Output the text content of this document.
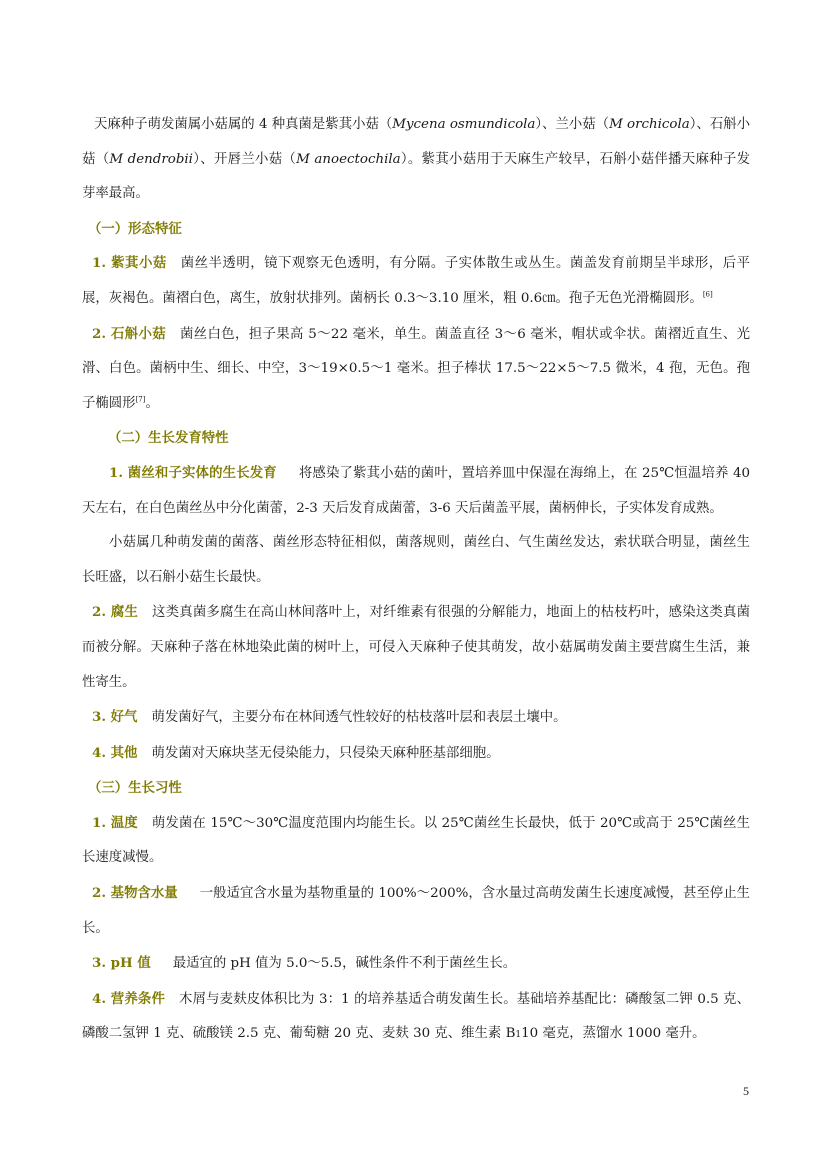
天麻种子萌发菌属小菇属的 4 种真菌是紫萁小菇（Mycena osmundicola）、兰小菇（M orchicola）、石斛小菇（M dendrobii）、开唇兰小菇（M anoectochila）。紫萁小菇用于天麻生产较早，石斛小菇伴播天麻种子发芽率最高。

（一）形态特征

1. 紫萁小菇 菌丝半透明，镜下观察无色透明，有分隔。子实体散生或丛生。菌盖发育前期呈半球形，后平展，灰褐色。菌褶白色，离生，放射状排列。菌柄长 0.3～3.10 厘米，粗 0.6㎝。孢子无色光滑椭圆形。[6]

2. 石斛小菇 菌丝白色，担子果高 5～22 毫米，单生。菌盖直径 3～6 毫米，帽状或伞状。菌褶近直生、光滑、白色。菌柄中生、细长、中空，3～19×0.5～1 毫米。担子棒状 17.5～22×5～7.5 微米，4 孢，无色。孢子椭圆形[7]。

（二）生长发育特性

1. 菌丝和子实体的生长发育 将感染了紫萁小菇的菌叶，置培养皿中保湿在海绵上，在 25℃恒温培养 40 天左右，在白色菌丝丛中分化菌蕾，2-3 天后发育成菌蕾，3-6 天后菌盖平展，菌柄伸长，子实体发育成熟。

小菇属几种萌发菌的菌落、菌丝形态特征相似，菌落规则，菌丝白、气生菌丝发达，索状联合明显，菌丝生长旺盛，以石斛小菇生长最快。

2. 腐生 这类真菌多腐生在高山林间落叶上，对纤维素有很强的分解能力，地面上的枯枝朽叶，感染这类真菌而被分解。天麻种子落在林地染此菌的树叶上，可侵入天麻种子使其萌发，故小菇属萌发菌主要营腐生生活，兼性寄生。

3. 好气 萌发菌好气，主要分布在林间透气性较好的枯枝落叶层和表层土壤中。

4. 其他 萌发菌对天麻块茎无侵染能力，只侵染天麻种胚基部细胞。

（三）生长习性

1. 温度 萌发菌在 15℃～30℃温度范围内均能生长。以 25℃菌丝生长最快，低于 20℃或高于 25℃菌丝生长速度减慢。

2. 基物含水量 一般适宜含水量为基物重量的 100%～200%，含水量过高萌发菌生长速度减慢，甚至停止生长。

3. pH 值 最适宜的 pH 值为 5.0～5.5，碱性条件不利于菌丝生长。

4. 营养条件 木屑与麦麸皮体积比为 3：1 的培养基适合萌发菌生长。基础培养基配比：磷酸氢二钾 0.5 克、磷酸二氢钾 1 克、硫酸镁 2.5 克、葡萄糖 20 克、麦麸 30 克、维生素 B110 毫克，蒸馏水 1000 毫升。

5
